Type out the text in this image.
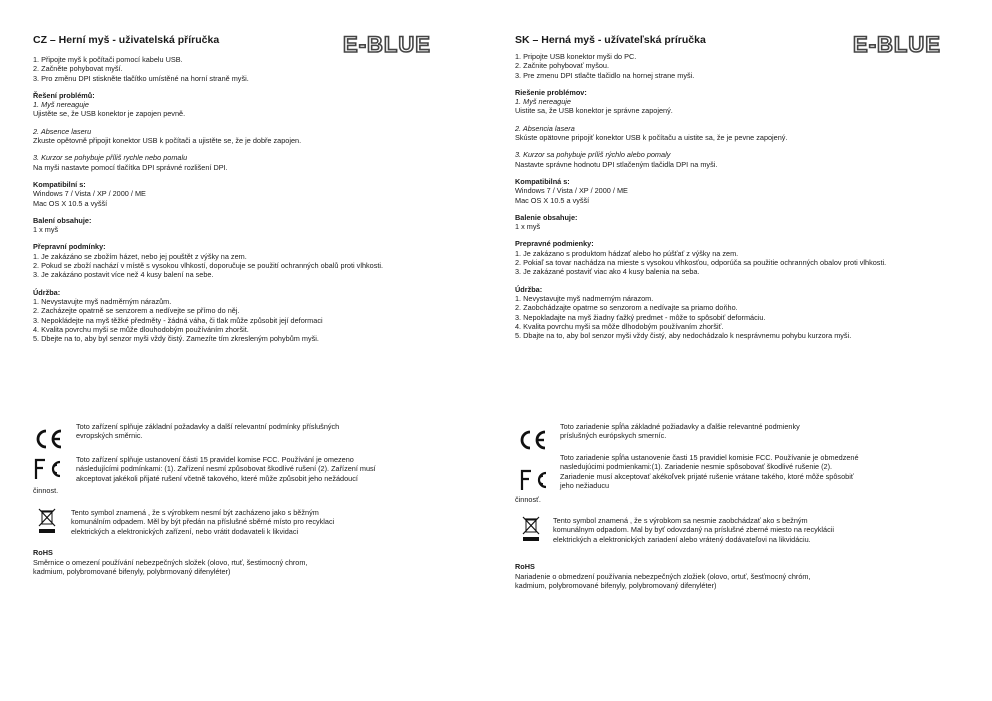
CZ – Herní myš - uživatelská příručka	E-BLUE

1. Připojte myš k počítači pomocí kabelu USB.
2. Začněte pohybovat myší.
3. Pro změnu DPI stiskněte tlačítko umístěné na horní straně myši.

Řešení problémů:

1. Myš nereaguje

Ujistěte se, že USB konektor je zapojen pevně.

2. Absence laseru

Zkuste opětovně připojit konektor USB k počítači a ujistěte se, že je dobře zapojen.

3. Kurzor se pohybuje příliš rychle nebo pomalu

Na myši nastavte pomocí tlačítka DPI správné rozlišení DPI.

Kompatibilní s:

Windows 7 / Vista / XP / 2000 / ME
Mac OS X 10.5 a vyšší

Balení obsahuje:

1 x myš

Přepravní podmínky:

1. Je zakázáno se zbožím házet, nebo jej pouštět z výšky na zem.
2. Pokud se zboží nachází v místě s vysokou vlhkostí, doporučuje se použití ochranných obalů proti vlhkosti.
3. Je zakázáno postavit více než 4 kusy balení na sebe.

Údržba:

1. Nevystavujte myš nadměrným nárazům.
2. Zacházejte opatrně se senzorem a nedívejte se přímo do něj.
3. Nepokládejte na myš těžké předměty - žádná váha, či tlak může způsobit její deformaci
4. Kvalita povrchu myši se může dlouhodobým používáním zhoršit.
5. Dbejte na to, aby byl senzor myši vždy čistý. Zamezíte tím zkresleným pohybům myši.

Toto zařízení splňuje základní požadavky a další relevantní podmínky příslušných
evropských směrnic.
Toto zařízení splňuje ustanovení části 15 pravidel komise FCC. Používání je omezeno
následujícími podmínkami: (1). Zařízení nesmí způsobovat škodlivé rušení (2). Zařízení musí
akceptovat jakékoli přijaté rušení včetně takového, které může způsobit jeho nežádoucí
činnost.
Tento symbol znamená , že s výrobkem nesmí být zacházeno jako s běžným
komunálním odpadem. Měl by být předán na příslušné sběrné místo pro recyklaci
elektrických a elektronických zařízení, nebo vrátit dodavateli k likvidaci
RoHS
Směrnice o omezení používání nebezpečných složek (olovo, rtuť, šestimocný chrom,
kadmium, polybromované bifenyly, polybrmovaný difenyléter)
SK – Herná myš - užívateľská príručka	E-BLUE

1. Pripojte USB konektor myši do PC.
2. Začnite pohybovať myšou.
3. Pre zmenu DPI stlačte tlačidlo na hornej strane myši.

Riešenie problémov:

1. Myš nereaguje

Uistite sa, že USB konektor je správne zapojený.

2. Absencia lasera

Skúste opätovne pripojiť konektor USB k počítaču a uistite sa, že je pevne zapojený.

3. Kurzor sa pohybuje príliš rýchlo alebo pomaly

Nastavte správne hodnotu DPI stlačeným tlačidla DPI na myši.

Kompatibilná s:

Windows 7 / Vista / XP / 2000 / ME
Mac OS X 10.5 a vyšší

Balenie obsahuje:

1 x myš

Prepravné podmienky:

1. Je zakázano s produktom hádzať alebo ho púšťať z výšky na zem.
2. Pokiaľ sa tovar nachádza na mieste s vysokou vlhkosťou, odporúča sa použitie ochranných obalov proti vlhkosti.
3. Je zakázané postaviť viac ako 4 kusy balenia na seba.

Údržba:

1. Nevystavujte myš nadmerným nárazom.
2. Zaobchádzajte opatrne so senzorom a nedívajte sa priamo doňho.
3. Nepokladajte na myš žiadny ťažký predmet - môže to spôsobiť deformáciu.
4. Kvalita povrchu myši sa môže dlhodobým používaním zhoršiť.
5. Dbajte na to, aby bol senzor myši vždy čistý, aby nedochádzalo k nesprávnemu pohybu kurzora myši.

Toto zariadenie spĺňa základné požiadavky a ďalšie relevantné podmienky
príslušných európskych smerníc.
Toto zariadenie spĺňa ustanovenie časti 15 pravidiel komisie FCC. Používanie je obmedzené
nasledujúcimi podmienkami:(1). Zariadenie nesmie spôsobovať škodlivé rušenie (2).
Zariadenie musí akceptovať akékoľvek prijaté rušenie vrátane takého, ktoré môže spôsobiť
jeho nežiaducu
činnosť.
Tento symbol znamená , že s výrobkom sa nesmie zaobchádzať ako s bežným
komunálnym odpadom. Mal by byť odovzdaný na príslušné zberné miesto na recyklácii
elektrických a elektronických zariadení alebo vrátený dodávateľovi na likvidáciu.
RoHS
Nariadenie o obmedzení používania nebezpečných zložiek (olovo, ortuť, šesťmocný chróm,
kadmium, polybromované bifenyly, polybromovaný difenyléter)
